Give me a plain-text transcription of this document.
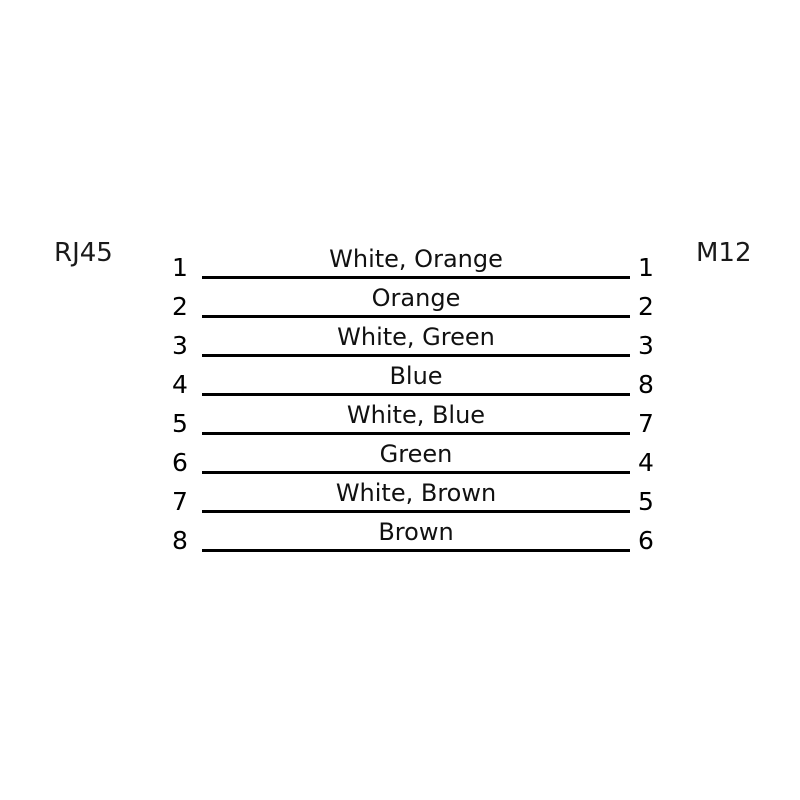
RJ45	M12
1	White, Orange	1
2	Orange	2
3	White, Green	3
4	Blue	8
5	White, Blue	7
6	Green	4
7	White, Brown	5
8	Brown	6
